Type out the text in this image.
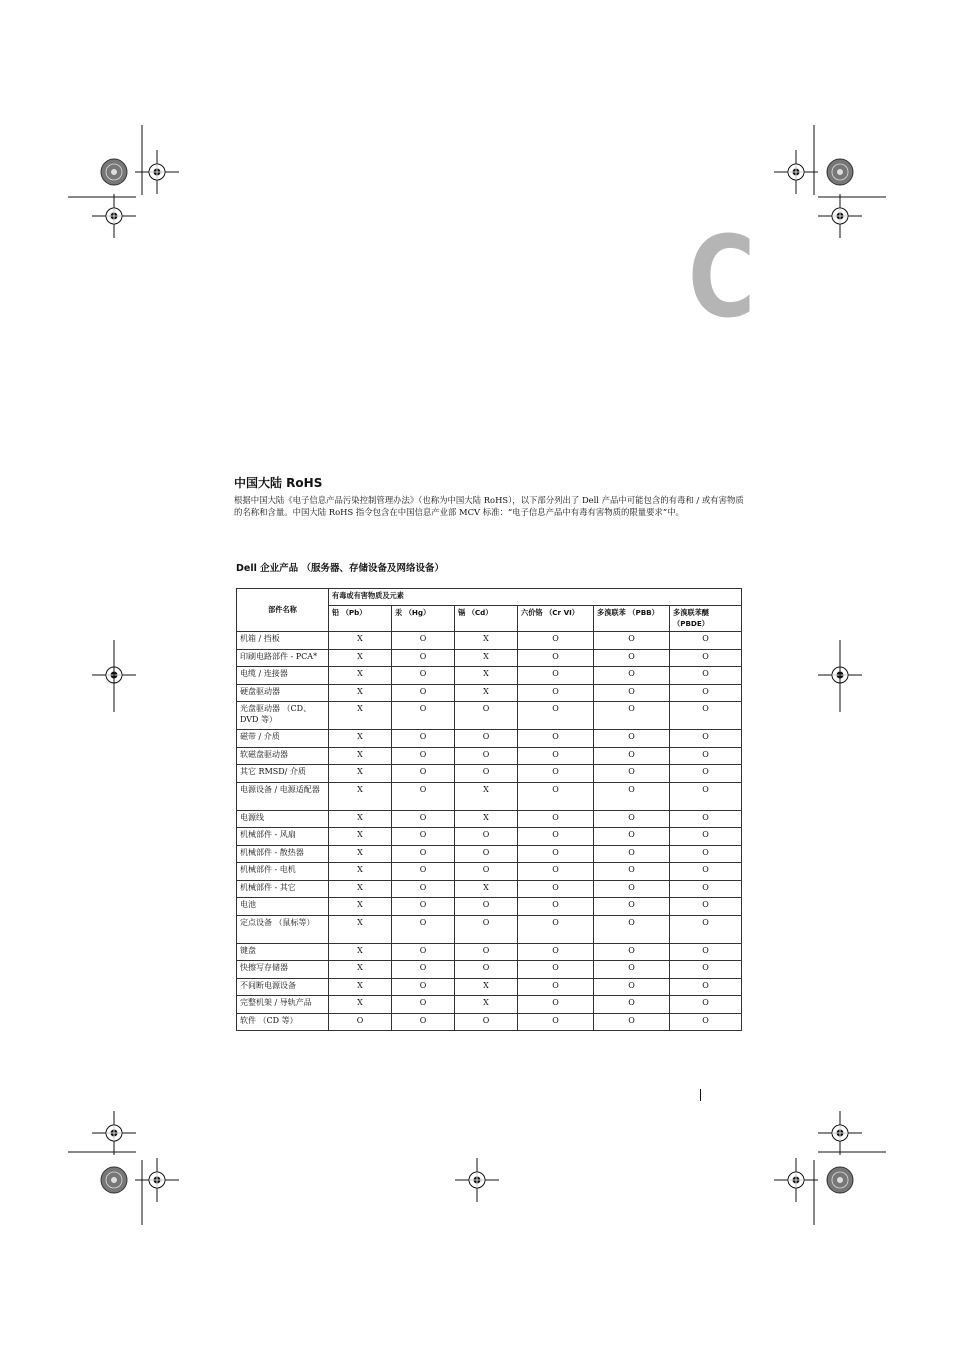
C
中国大陆 RoHS
根据中国大陆《电子信息产品污染控制管理办法》（也称为中国大陆 RoHS），以下部分列出了 Dell 产品中可能包含的有毒和 / 或有害物质的名称和含量。中国大陆 RoHS 指令包含在中国信息产业部 MCV 标准：“电子信息产品中有毒有害物质的限量要求”中。
Dell 企业产品 （服务器、存储设备及网络设备）
部件名称	有毒或有害物质及元素					
	铅 （Pb）	汞 （Hg）	镉 （Cd）	六价铬 （Cr VI）	多溴联苯 （PBB）	多溴联苯醚 （PBDE）
机箱 / 挡板	X	O	X	O	O	O
印刷电路部件 - PCA*	X	O	X	O	O	O
电缆 / 连接器	X	O	X	O	O	O
硬盘驱动器	X	O	X	O	O	O
光盘驱动器 （CD、 DVD 等）	X	O	O	O	O	O
磁带 / 介质	X	O	O	O	O	O
软磁盘驱动器	X	O	O	O	O	O
其它 RMSD/ 介质	X	O	O	O	O	O
电源设备 / 电源适配器	X	O	X	O	O	O
电源线	X	O	X	O	O	O
机械部件 - 风扇	X	O	O	O	O	O
机械部件 - 散热器	X	O	O	O	O	O
机械部件 - 电机	X	O	O	O	O	O
机械部件 - 其它	X	O	X	O	O	O
电池	X	O	O	O	O	O
定点设备 （鼠标等）	X	O	O	O	O	O
键盘	X	O	O	O	O	O
快擦写存储器	X	O	O	O	O	O
不间断电源设备	X	O	X	O	O	O
完整机架 / 导轨产品	X	O	X	O	O	O
软件 （CD 等）	O	O	O	O	O	O
